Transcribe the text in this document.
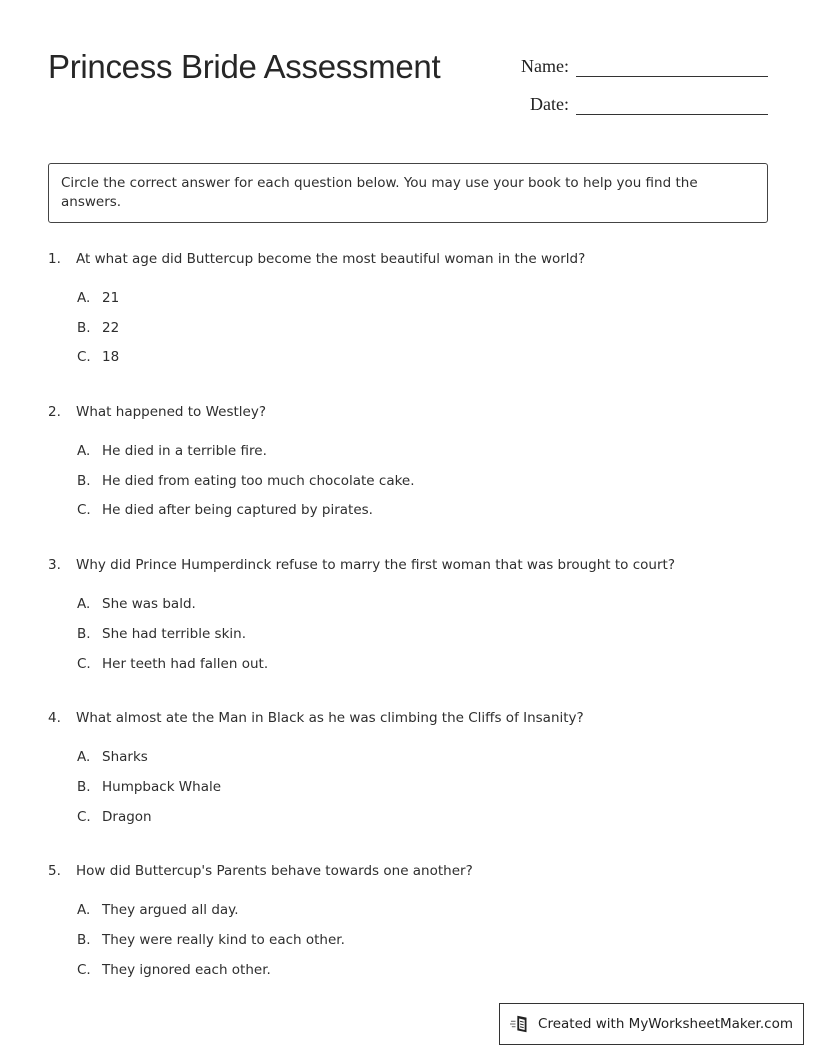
Princess Bride Assessment	Name:
Date:
Circle the correct answer for each question below. You may use your book to help you find the answers.
1.	At what age did Buttercup become the most beautiful woman in the world?
A. 21
B. 22
C. 18
2.	What happened to Westley?
A. He died in a terrible fire.
B. He died from eating too much chocolate cake.
C. He died after being captured by pirates.
3.	Why did Prince Humperdinck refuse to marry the first woman that was brought to court?
A. She was bald.
B. She had terrible skin.
C. Her teeth had fallen out.
4.	What almost ate the Man in Black as he was climbing the Cliffs of Insanity?
A. Sharks
B. Humpback Whale
C. Dragon
5.	How did Buttercup's Parents behave towards one another?
A. They argued all day.
B. They were really kind to each other.
C. They ignored each other.
Created with MyWorksheetMaker.com
